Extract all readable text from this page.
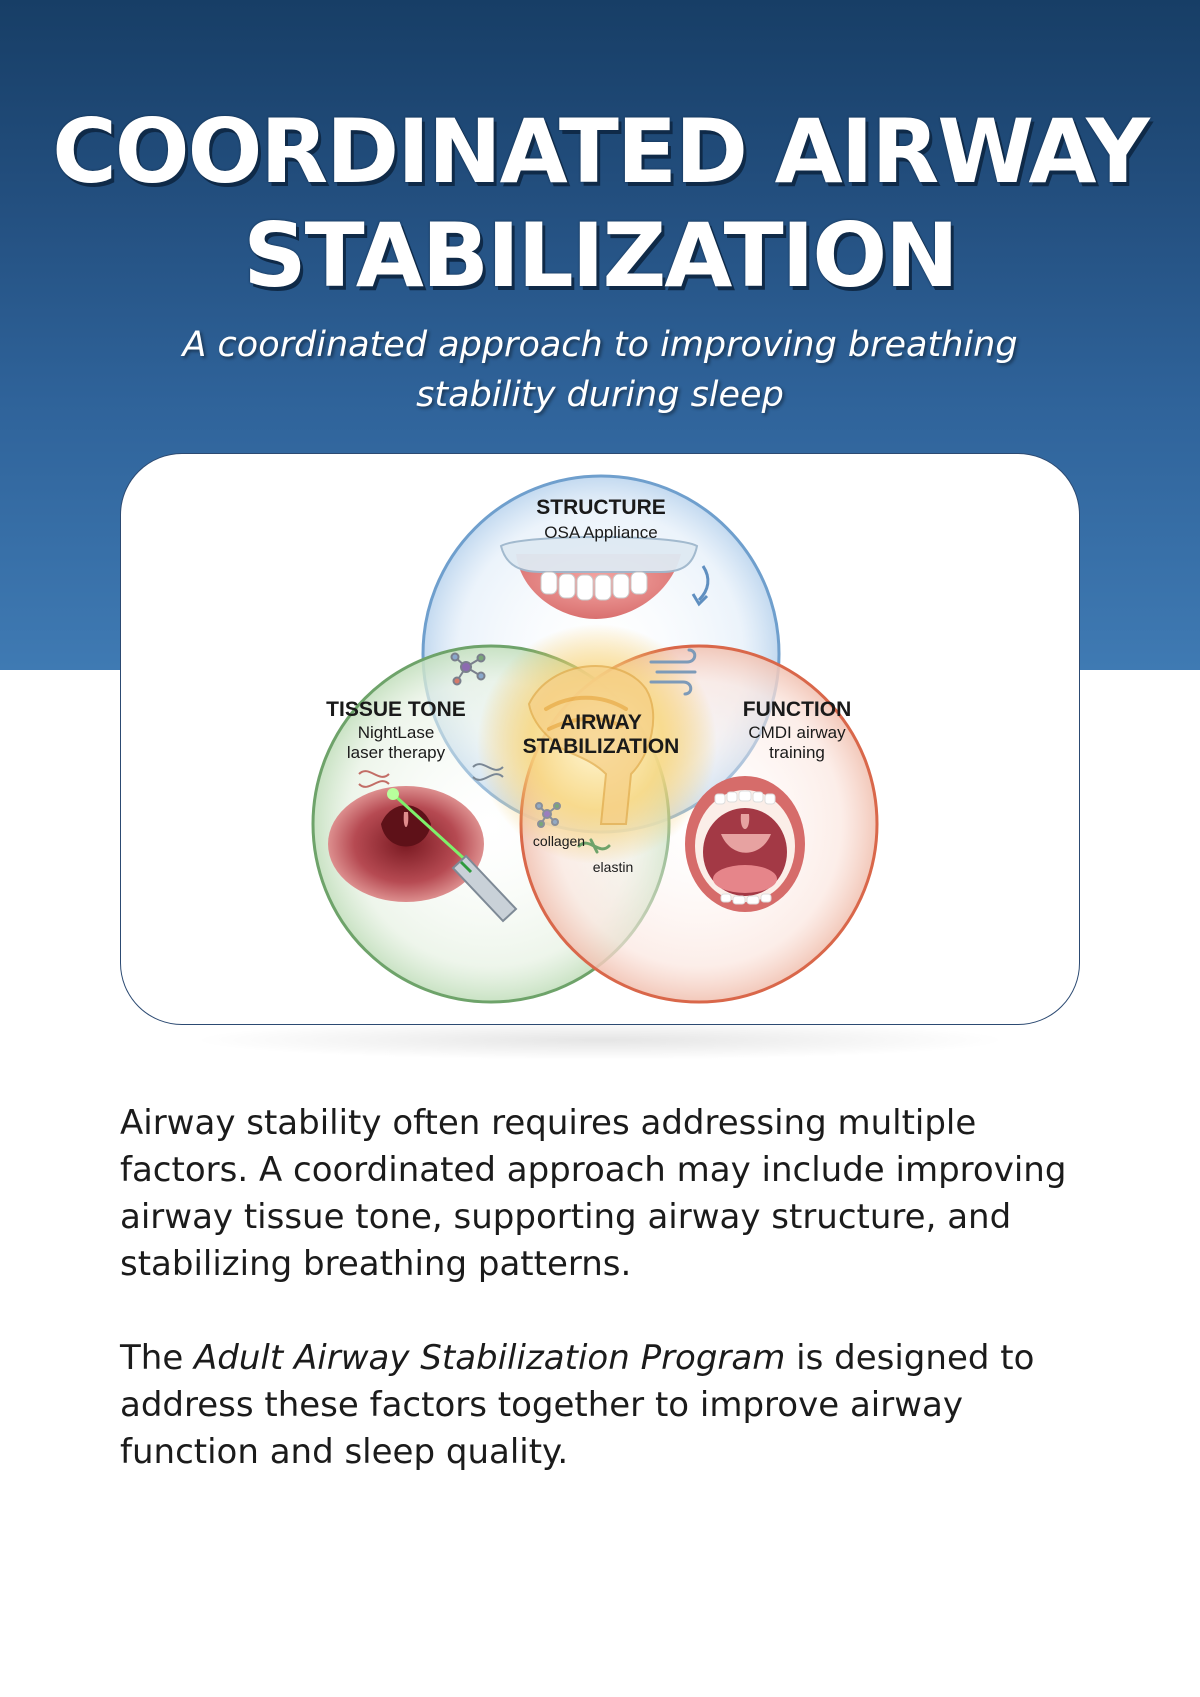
COORDINATED AIRWAY
STABILIZATION
A coordinated approach to improving breathing
stability during sleep
STRUCTURE
OSA Appliance
TISSUE TONE
NightLase
laser therapy
FUNCTION
CMDI airway
training
AIRWAY
STABILIZATION
collagen
elastin

Airway stability often requires addressing multiple factors. A coordinated approach may include improving airway tissue tone, supporting airway structure, and stabilizing breathing patterns.

The Adult Airway Stabilization Program is designed to address these factors together to improve airway function and sleep quality.
